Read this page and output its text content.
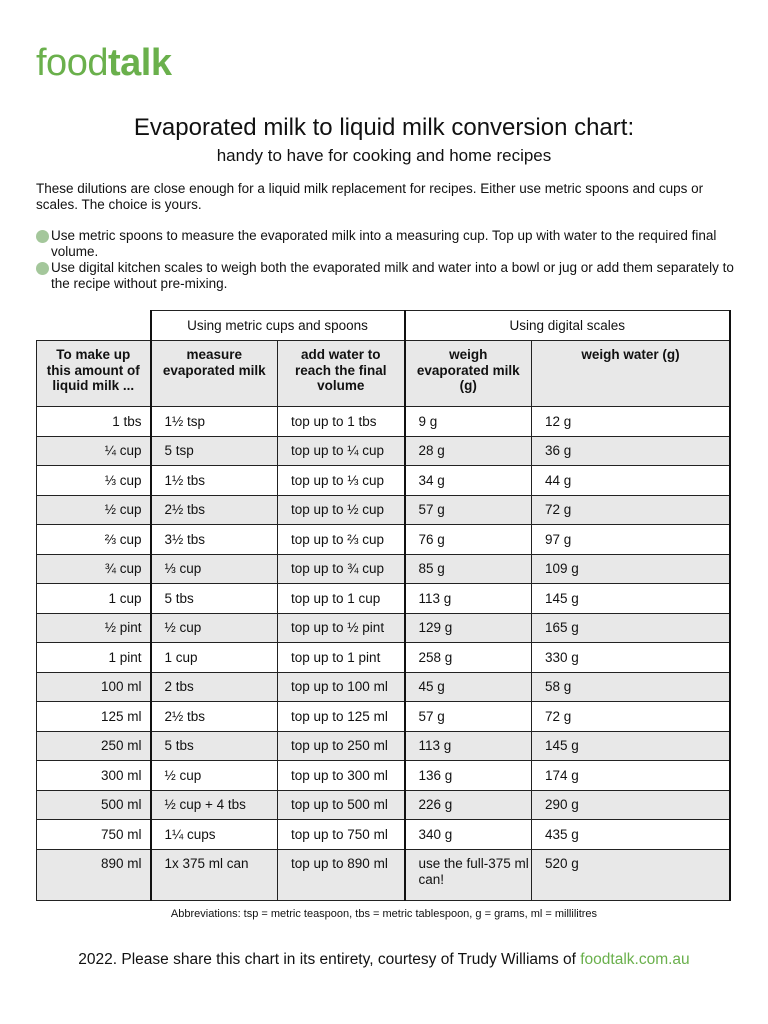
foodtalk
Evaporated milk to liquid milk conversion chart:
handy to have for cooking and home recipes

These dilutions are close enough for a liquid milk replacement for recipes. Either use metric spoons and cups or scales. The choice is yours.

Use metric spoons to measure the evaporated milk into a measuring cup. Top up with water to the required final volume.
Use digital kitchen scales to weigh both the evaporated milk and water into a bowl or jug or add them separately to the recipe without pre-mixing.
	Using metric cups and spoons		Using digital scales	
To make up this amount of liquid milk ...	measure evaporated milk	add water to reach the final volume	weigh evaporated milk (g)	weigh water (g)
1 tbs	1½ tsp	top up to 1 tbs	9 g	12 g
¼ cup	5 tsp	top up to ¼ cup	28 g	36 g
⅓ cup	1½ tbs	top up to ⅓ cup	34 g	44 g
½ cup	2½ tbs	top up to ½ cup	57 g	72 g
⅔ cup	3½ tbs	top up to ⅔ cup	76 g	97 g
¾ cup	⅓ cup	top up to ¾ cup	85 g	109 g
1 cup	5 tbs	top up to 1 cup	113 g	145 g
½ pint	½ cup	top up to ½ pint	129 g	165 g
1 pint	1 cup	top up to 1 pint	258 g	330 g
100 ml	2 tbs	top up to 100 ml	45 g	58 g
125 ml	2½ tbs	top up to 125 ml	57 g	72 g
250 ml	5 tbs	top up to 250 ml	113 g	145 g
300 ml	½ cup	top up to 300 ml	136 g	174 g
500 ml	½ cup + 4 tbs	top up to 500 ml	226 g	290 g
750 ml	1¼ cups	top up to 750 ml	340 g	435 g
890 ml	1x 375 ml can	top up to 890 ml	use the full-375 ml can!	520 g

Abbreviations: tsp = metric teaspoon, tbs = metric tablespoon, g = grams, ml = millilitres

2022. Please share this chart in its entirety, courtesy of Trudy Williams of foodtalk.com.au
